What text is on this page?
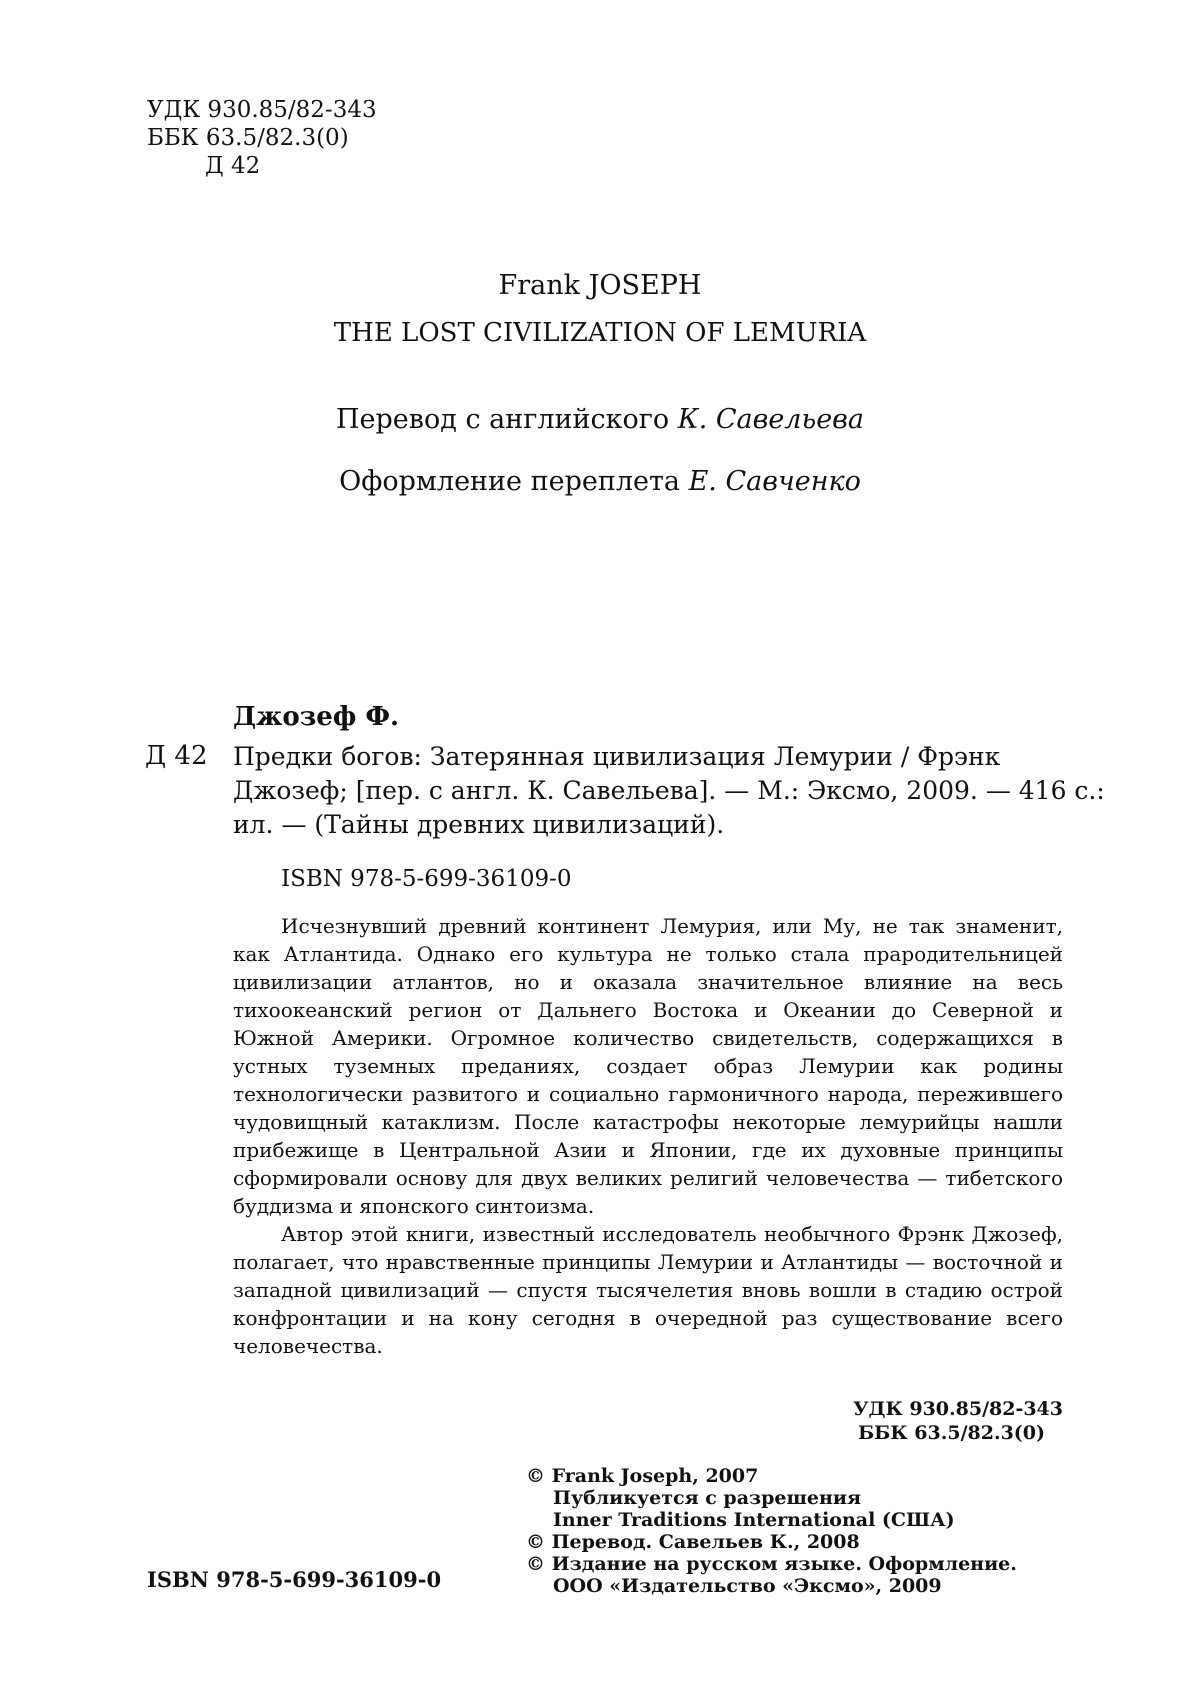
УДК 930.85/82-343
ББК 63.5/82.3(0)
Д 42
Frank JOSEPH
THE LOST CIVILIZATION OF LEMURIA
Перевод с английского К. Савельева
Оформление переплета Е. Савченко
Джозеф Ф.
Д 42 Предки богов: Затерянная цивилизация Лемурии / Фрэнк
Джозеф; [пер. с англ. К. Савельева]. — М.: Эксмо, 2009. — 416 с.:
ил. — (Тайны древних цивилизаций).
ISBN 978-5-699-36109-0

Исчезнувший древний континент Лемурия, или Му, не так знаменит, как Атлантида. Однако его культура не только стала прародительницей цивилизации атлантов, но и оказала значительное влияние на весь тихоокеанский регион от Дальнего Востока и Океании до Северной и Южной Америки. Огромное количество свидетельств, содержащихся в устных туземных преданиях, создает образ Лемурии как родины технологически развитого и социально гармоничного народа, пережившего чудовищный катаклизм. После катастрофы некоторые лемурийцы нашли прибежище в Центральной Азии и Японии, где их духовные принципы сформировали основу для двух великих религий человечества — тибетского буддизма и японского синтоизма.

Автор этой книги, известный исследователь необычного Фрэнк Джозеф, полагает, что нравственные принципы Лемурии и Атлантиды — восточной и западной цивилизаций — спустя тысячелетия вновь вошли в стадию острой конфронтации и на кону сегодня в очередной раз существование всего человечества.

УДК 930.85/82-343
ББК 63.5/82.3(0)
© Frank Joseph, 2007
Публикуется с разрешения
Inner Traditions International (США)
© Перевод. Савельев К., 2008
© Издание на русском языке. Оформление.
ООО «Издательство «Эксмо», 2009
ISBN 978-5-699-36109-0
